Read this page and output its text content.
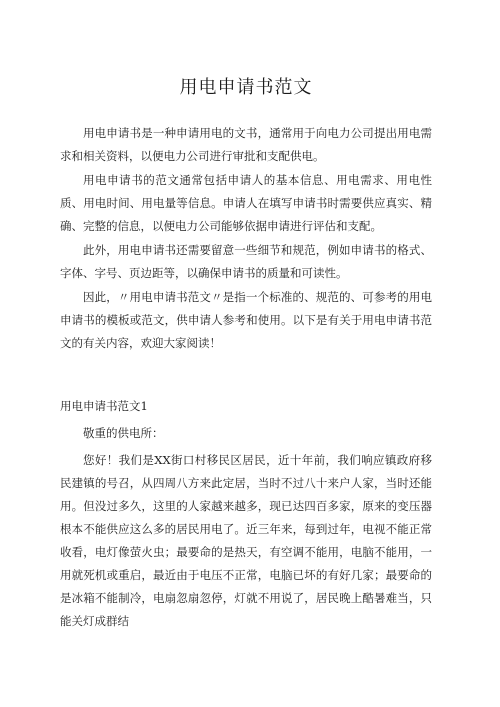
用电申请书范文

用电申请书是一种申请用电的文书，通常用于向电力公司提出用电需求和相关资料，以便电力公司进行审批和支配供电。

用电申请书的范文通常包括申请人的基本信息、用电需求、用电性质、用电时间、用电量等信息。申请人在填写申请书时需要供应真实、精确、完整的信息，以便电力公司能够依据申请进行评估和支配。

此外，用电申请书还需要留意一些细节和规范，例如申请书的格式、字体、字号、页边距等，以确保申请书的质量和可读性。

因此，〃用电申请书范文〃是指一个标准的、规范的、可参考的用电申请书的模板或范文，供申请人参考和使用。以下是有关于用电申请书范文的有关内容，欢迎大家阅读！

用电申请书范文1

敬重的供电所：

您好！我们是XX街口村移民区居民，近十年前，我们响应镇政府移民建镇的号召，从四周八方来此定居，当时不过八十来户人家，当时还能用。但没过多久，这里的人家越来越多，现已达四百多家，原来的变压器根本不能供应这么多的居民用电了。近三年来，每到过年，电视不能正常收看，电灯像萤火虫；最要命的是热天，有空调不能用，电脑不能用，一用就死机或重启，最近由于电压不正常，电脑已坏的有好几家；最要命的是冰箱不能制冷，电扇忽扇忽停，灯就不用说了，居民晚上酷暑难当，只能关灯成群结
